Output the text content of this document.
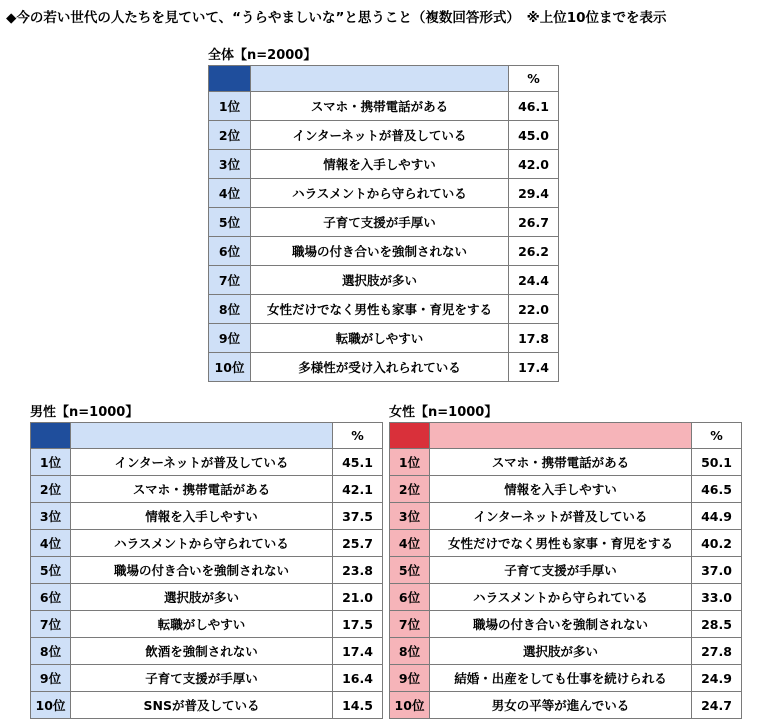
◆今の若い世代の人たちを見ていて、“うらやましいな”と思うこと（複数回答形式）　※上位10位までを表示
全体【n=2000】
		%
1位	スマホ・携帯電話がある	46.1
2位	インターネットが普及している	45.0
3位	情報を入手しやすい	42.0
4位	ハラスメントから守られている	29.4
5位	子育て支援が手厚い	26.7
6位	職場の付き合いを強制されない	26.2
7位	選択肢が多い	24.4
8位	女性だけでなく男性も家事・育児をする	22.0
9位	転職がしやすい	17.8
10位	多様性が受け入れられている	17.4
男性【n=1000】
		%
1位	インターネットが普及している	45.1
2位	スマホ・携帯電話がある	42.1
3位	情報を入手しやすい	37.5
4位	ハラスメントから守られている	25.7
5位	職場の付き合いを強制されない	23.8
6位	選択肢が多い	21.0
7位	転職がしやすい	17.5
8位	飲酒を強制されない	17.4
9位	子育て支援が手厚い	16.4
10位	SNSが普及している	14.5
女性【n=1000】
		%
1位	スマホ・携帯電話がある	50.1
2位	情報を入手しやすい	46.5
3位	インターネットが普及している	44.9
4位	女性だけでなく男性も家事・育児をする	40.2
5位	子育て支援が手厚い	37.0
6位	ハラスメントから守られている	33.0
7位	職場の付き合いを強制されない	28.5
8位	選択肢が多い	27.8
9位	結婚・出産をしても仕事を続けられる	24.9
10位	男女の平等が進んでいる	24.7
